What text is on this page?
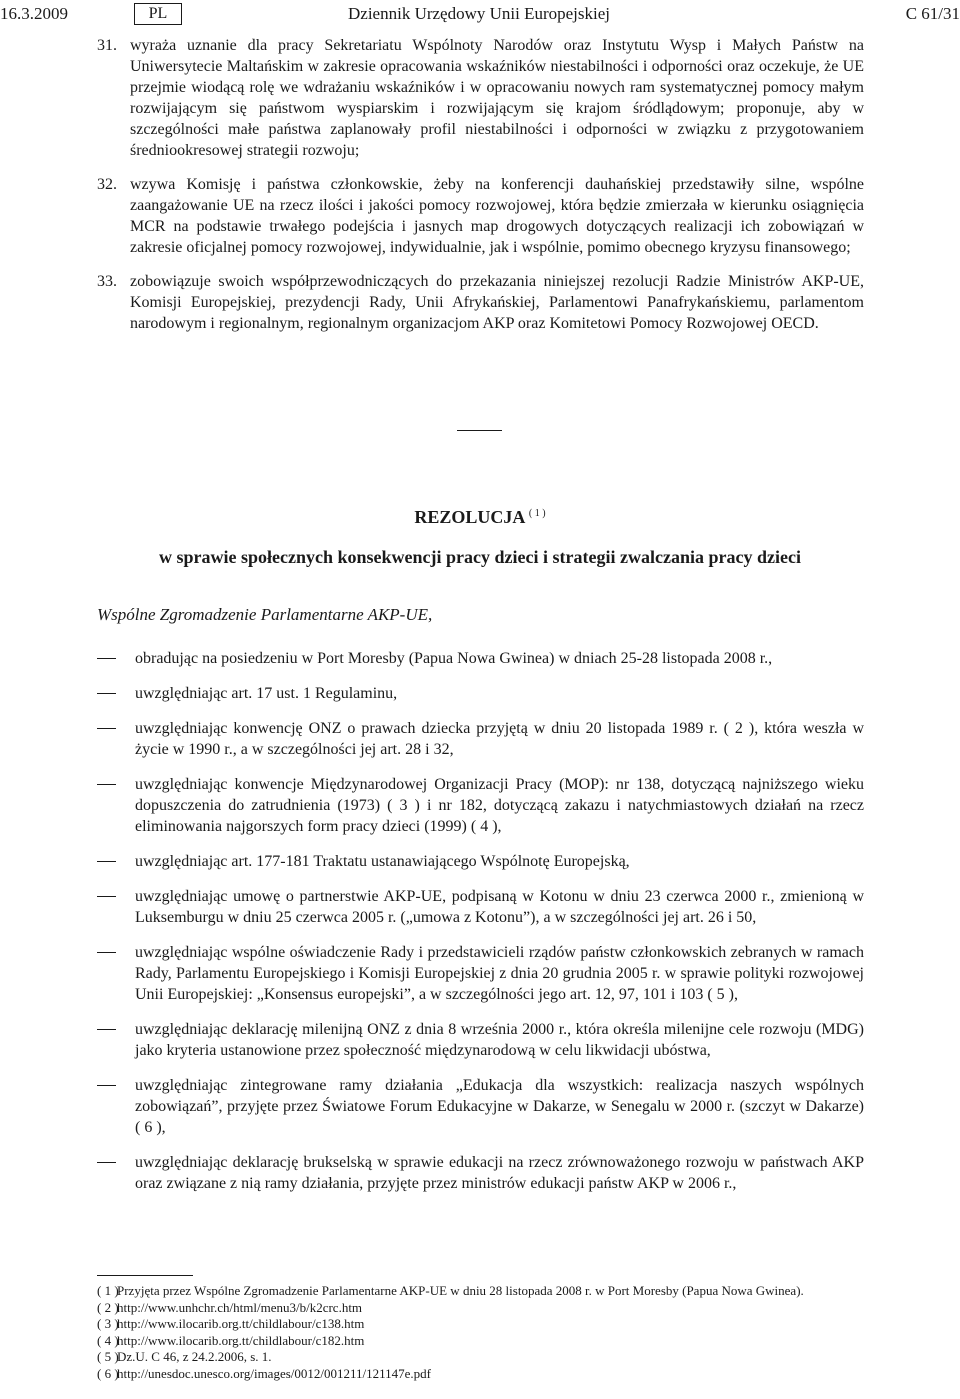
16.3.2009	PL	Dziennik Urzędowy Unii Europejskiej	C 61/31

31. wyraża uznanie dla pracy Sekretariatu Wspólnoty Narodów oraz Instytutu Wysp i Małych Państw na Uniwersytecie Maltańskim w zakresie opracowania wskaźników niestabilności i odporności oraz oczekuje, że UE przejmie wiodącą rolę we wdrażaniu wskaźników i w opracowaniu nowych ram systematycznej pomocy małym rozwijającym się państwom wyspiarskim i rozwijającym się krajom śródlądowym; proponuje, aby w szczególności małe państwa zaplanowały profil niestabilności i odporności w związku z przygotowaniem średniookresowej strategii rozwoju;

32. wzywa Komisję i państwa członkowskie, żeby na konferencji dauhańskiej przedstawiły silne, wspólne zaangażowanie UE na rzecz ilości i jakości pomocy rozwojowej, która będzie zmierzała w kierunku osiągnięcia MCR na podstawie trwałego podejścia i jasnych map drogowych dotyczących realizacji ich zobowiązań w zakresie oficjalnej pomocy rozwojowej, indywidualnie, jak i wspólnie, pomimo obecnego kryzysu finansowego;

33. zobowiązuje swoich współprzewodniczących do przekazania niniejszej rezolucji Radzie Ministrów AKP-UE, Komisji Europejskiej, prezydencji Rady, Unii Afrykańskiej, Parlamentowi Panafrykańskiemu, parlamentom narodowym i regionalnym, regionalnym organizacjom AKP oraz Komitetowi Pomocy Rozwojowej OECD.

REZOLUCJA $^{( 1 )}$
w sprawie społecznych konsekwencji pracy dzieci i strategii zwalczania pracy dzieci
Wspólne Zgromadzenie Parlamentarne AKP-UE,

obradując na posiedzeniu w Port Moresby (Papua Nowa Gwinea) w dniach 25-28 listopada 2008 r.,

uwzględniając art. 17 ust. 1 Regulaminu,

uwzględniając konwencję ONZ o prawach dziecka przyjętą w dniu 20 listopada 1989 r. ( 2 ), która weszła w życie w 1990 r., a w szczególności jej art. 28 i 32,

uwzględniając konwencje Międzynarodowej Organizacji Pracy (MOP): nr 138, dotyczącą najniższego wieku dopuszczenia do zatrudnienia (1973) ( 3 ) i nr 182, dotyczącą zakazu i natychmiastowych działań na rzecz eliminowania najgorszych form pracy dzieci (1999) ( 4 ),

uwzględniając art. 177-181 Traktatu ustanawiającego Wspólnotę Europejską,

uwzględniając umowę o partnerstwie AKP-UE, podpisaną w Kotonu w dniu 23 czerwca 2000 r., zmienioną w Luksemburgu w dniu 25 czerwca 2005 r. („umowa z Kotonu”), a w szczególności jej art. 26 i 50,

uwzględniając wspólne oświadczenie Rady i przedstawicieli rządów państw członkowskich zebranych w ramach Rady, Parlamentu Europejskiego i Komisji Europejskiej z dnia 20 grudnia 2005 r. w sprawie polityki rozwojowej Unii Europejskiej: „Konsensus europejski”, a w szczególności jego art. 12, 97, 101 i 103 ( 5 ),

uwzględniając deklarację milenijną ONZ z dnia 8 września 2000 r., która określa milenijne cele rozwoju (MDG) jako kryteria ustanowione przez społeczność międzynarodową w celu likwidacji ubóstwa,

uwzględniając zintegrowane ramy działania „Edukacja dla wszystkich: realizacja naszych wspólnych zobowiązań”, przyjęte przez Światowe Forum Edukacyjne w Dakarze, w Senegalu w 2000 r. (szczyt w Dakarze) ( 6 ),

uwzględniając deklarację brukselską w sprawie edukacji na rzecz zrównoważonego rozwoju w państwach AKP oraz związane z nią ramy działania, przyjęte przez ministrów edukacji państw AKP w 2006 r.,

( 1 )
Przyjęta przez Wspólne Zgromadzenie Parlamentarne AKP-UE w dniu 28 listopada 2008 r. w Port Moresby (Papua Nowa Gwinea).

( 2 )
http://www.unhchr.ch/html/menu3/b/k2crc.htm

( 3 )
http://www.ilocarib.org.tt/childlabour/c138.htm

( 4 )
http://www.ilocarib.org.tt/childlabour/c182.htm

( 5 )
Dz.U. C 46, z 24.2.2006, s. 1.

( 6 )
http://unesdoc.unesco.org/images/0012/001211/121147e.pdf
